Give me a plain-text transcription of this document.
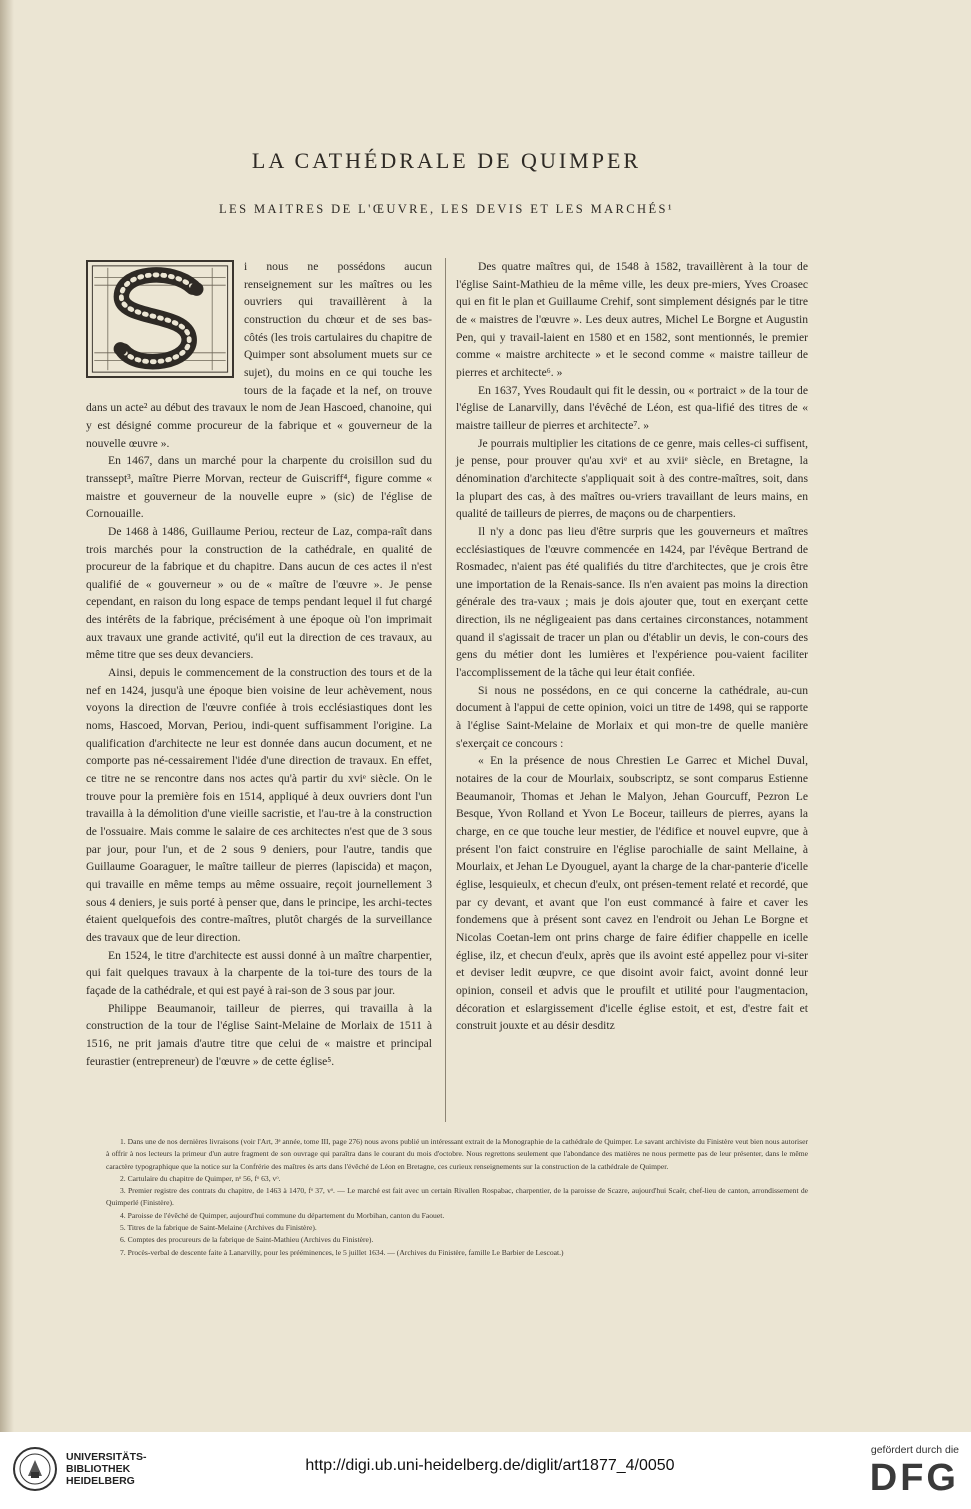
LA CATHÉDRALE DE QUIMPER
LES MAITRES DE L'ŒUVRE, LES DEVIS ET LES MARCHÉS¹

i nous ne possédons aucun renseignement sur les maîtres ou les ouvriers qui travaillèrent à la construction du chœur et de ses bas-côtés (les trois cartulaires du chapitre de Quimper sont absolument muets sur ce sujet), du moins en ce qui touche les tours de la façade et la nef, on trouve dans un acte² au début des travaux le nom de Jean Hascoed, chanoine, qui y est désigné comme procureur de la fabrique et « gouverneur de la nouvelle œuvre ».

En 1467, dans un marché pour la charpente du croisillon sud du transsept³, maître Pierre Morvan, recteur de Guiscriff⁴, figure comme « maistre et gouverneur de la nouvelle eupre » (sic) de l'église de Cornouaille.

De 1468 à 1486, Guillaume Periou, recteur de Laz, compa-raît dans trois marchés pour la construction de la cathédrale, en qualité de procureur de la fabrique et du chapitre. Dans aucun de ces actes il n'est qualifié de « gouverneur » ou de « maître de l'œuvre ». Je pense cependant, en raison du long espace de temps pendant lequel il fut chargé des intérêts de la fabrique, précisément à une époque où l'on imprimait aux travaux une grande activité, qu'il eut la direction de ces travaux, au même titre que ses deux devanciers.

Ainsi, depuis le commencement de la construction des tours et de la nef en 1424, jusqu'à une époque bien voisine de leur achèvement, nous voyons la direction de l'œuvre confiée à trois ecclésiastiques dont les noms, Hascoed, Morvan, Periou, indi-quent suffisamment l'origine. La qualification d'architecte ne leur est donnée dans aucun document, et ne comporte pas né-cessairement l'idée d'une direction de travaux. En effet, ce titre ne se rencontre dans nos actes qu'à partir du xviᵉ siècle. On le trouve pour la première fois en 1514, appliqué à deux ouvriers dont l'un travailla à la démolition d'une vieille sacristie, et l'au-tre à la construction de l'ossuaire. Mais comme le salaire de ces architectes n'est que de 3 sous par jour, pour l'un, et de 2 sous 9 deniers, pour l'autre, tandis que Guillaume Goaraguer, le maître tailleur de pierres (lapiscida) et maçon, qui travaille en même temps au même ossuaire, reçoit journellement 3 sous 4 deniers, je suis porté à penser que, dans le principe, les archi-tectes étaient quelquefois des contre-maîtres, plutôt chargés de la surveillance des travaux que de leur direction.

En 1524, le titre d'architecte est aussi donné à un maître charpentier, qui fait quelques travaux à la charpente de la toi-ture des tours de la façade de la cathédrale, et qui est payé à rai-son de 3 sous par jour.

Philippe Beaumanoir, tailleur de pierres, qui travailla à la construction de la tour de l'église Saint-Melaine de Morlaix de 1511 à 1516, ne prit jamais d'autre titre que celui de « maistre et principal feurastier (entrepreneur) de l'œuvre » de cette église⁵.

Des quatre maîtres qui, de 1548 à 1582, travaillèrent à la tour de l'église Saint-Mathieu de la même ville, les deux pre-miers, Yves Croasec qui en fit le plan et Guillaume Crehif, sont simplement désignés par le titre de « maistres de l'œuvre ». Les deux autres, Michel Le Borgne et Augustin Pen, qui y travail-laient en 1580 et en 1582, sont mentionnés, le premier comme « maistre architecte » et le second comme « maistre tailleur de pierres et architecte⁶. »

En 1637, Yves Roudault qui fit le dessin, ou « portraict » de la tour de l'église de Lanarvilly, dans l'évêché de Léon, est qua-lifié des titres de « maistre tailleur de pierres et architecte⁷. »

Je pourrais multiplier les citations de ce genre, mais celles-ci suffisent, je pense, pour prouver qu'au xviᵉ et au xviiᵉ siècle, en Bretagne, la dénomination d'architecte s'appliquait soit à des contre-maîtres, soit, dans la plupart des cas, à des maîtres ou-vriers travaillant de leurs mains, en qualité de tailleurs de pierres, de maçons ou de charpentiers.

Il n'y a donc pas lieu d'être surpris que les gouverneurs et maîtres ecclésiastiques de l'œuvre commencée en 1424, par l'évêque Bertrand de Rosmadec, n'aient pas été qualifiés du titre d'architectes, que je crois être une importation de la Renais-sance. Ils n'en avaient pas moins la direction générale des tra-vaux ; mais je dois ajouter que, tout en exerçant cette direction, ils ne négligeaient pas dans certaines circonstances, notamment quand il s'agissait de tracer un plan ou d'établir un devis, le con-cours des gens du métier dont les lumières et l'expérience pou-vaient faciliter l'accomplissement de la tâche qui leur était confiée.

Si nous ne possédons, en ce qui concerne la cathédrale, au-cun document à l'appui de cette opinion, voici un titre de 1498, qui se rapporte à l'église Saint-Melaine de Morlaix et qui mon-tre de quelle manière s'exerçait ce concours :

« En la présence de nous Chrestien Le Garrec et Michel Duval, notaires de la cour de Mourlaix, soubscriptz, se sont comparus Estienne Beaumanoir, Thomas et Jehan le Malyon, Jehan Gourcuff, Pezron Le Besque, Yvon Rolland et Yvon Le Boceur, tailleurs de pierres, ayans la charge, en ce que touche leur mestier, de l'édifice et nouvel eupvre, que à présent l'on faict construire en l'église parochialle de saint Mellaine, à Mourlaix, et Jehan Le Dyouguel, ayant la charge de la char-panterie d'icelle église, lesquieulx, et checun d'eulx, ont présen-tement relaté et recordé, que par cy devant, et avant que l'on eust commancé à faire et caver les fondemens que à présent sont cavez en l'endroit ou Jehan Le Borgne et Nicolas Coetan-lem ont prins charge de faire édifier chappelle en icelle église, ilz, et checun d'eulx, après que ils avoint esté appellez pour vi-siter et deviser ledit œupvre, ce que disoint avoir faict, avoint donné leur opinion, conseil et advis que le proufilt et utilité pour l'augmentacion, décoration et eslargissement d'icelle église estoit, et est, d'estre fait et construit jouxte et au désir desditz

1. Dans une de nos dernières livraisons (voir l'Art, 3ᵉ année, tome III, page 276) nous avons publié un intéressant extrait de la Monographie de la cathédrale de Quimper. Le savant archiviste du Finistère veut bien nous autoriser à offrir à nos lecteurs la primeur d'un autre fragment de son ouvrage qui paraîtra dans le courant du mois d'octobre. Nous regrettons seulement que l'abondance des matières ne nous permette pas de leur présenter, dans le même caractère typographique que la notice sur la Confrérie des maîtres ès arts dans l'évêché de Léon en Bretagne, ces curieux renseignements sur la construction de la cathédrale de Quimper.

2. Cartulaire du chapitre de Quimper, nᵒ 56, fᵒ 63, vᵒ.

3. Premier registre des contrats du chapitre, de 1463 à 1470, fᵒ 37, vᵒ. — Le marché est fait avec un certain Rivallen Rospabac, charpentier, de la paroisse de Scazre, aujourd'hui Scaër, chef-lieu de canton, arrondissement de Quimperlé (Finistère).

4. Paroisse de l'évêché de Quimper, aujourd'hui commune du département du Morbihan, canton du Faouet.

5. Titres de la fabrique de Saint-Melaine (Archives du Finistère).

6. Comptes des procureurs de la fabrique de Saint-Mathieu (Archives du Finistère).

7. Procès-verbal de descente faite à Lanarvilly, pour les prééminences, le 5 juillet 1634. — (Archives du Finistère, famille Le Barbier de Lescoat.)

UNIVERSITÄTS-
BIBLIOTHEK
HEIDELBERG
http://digi.ub.uni-heidelberg.de/diglit/art1877_4/0050
gefördert durch die
DFG
